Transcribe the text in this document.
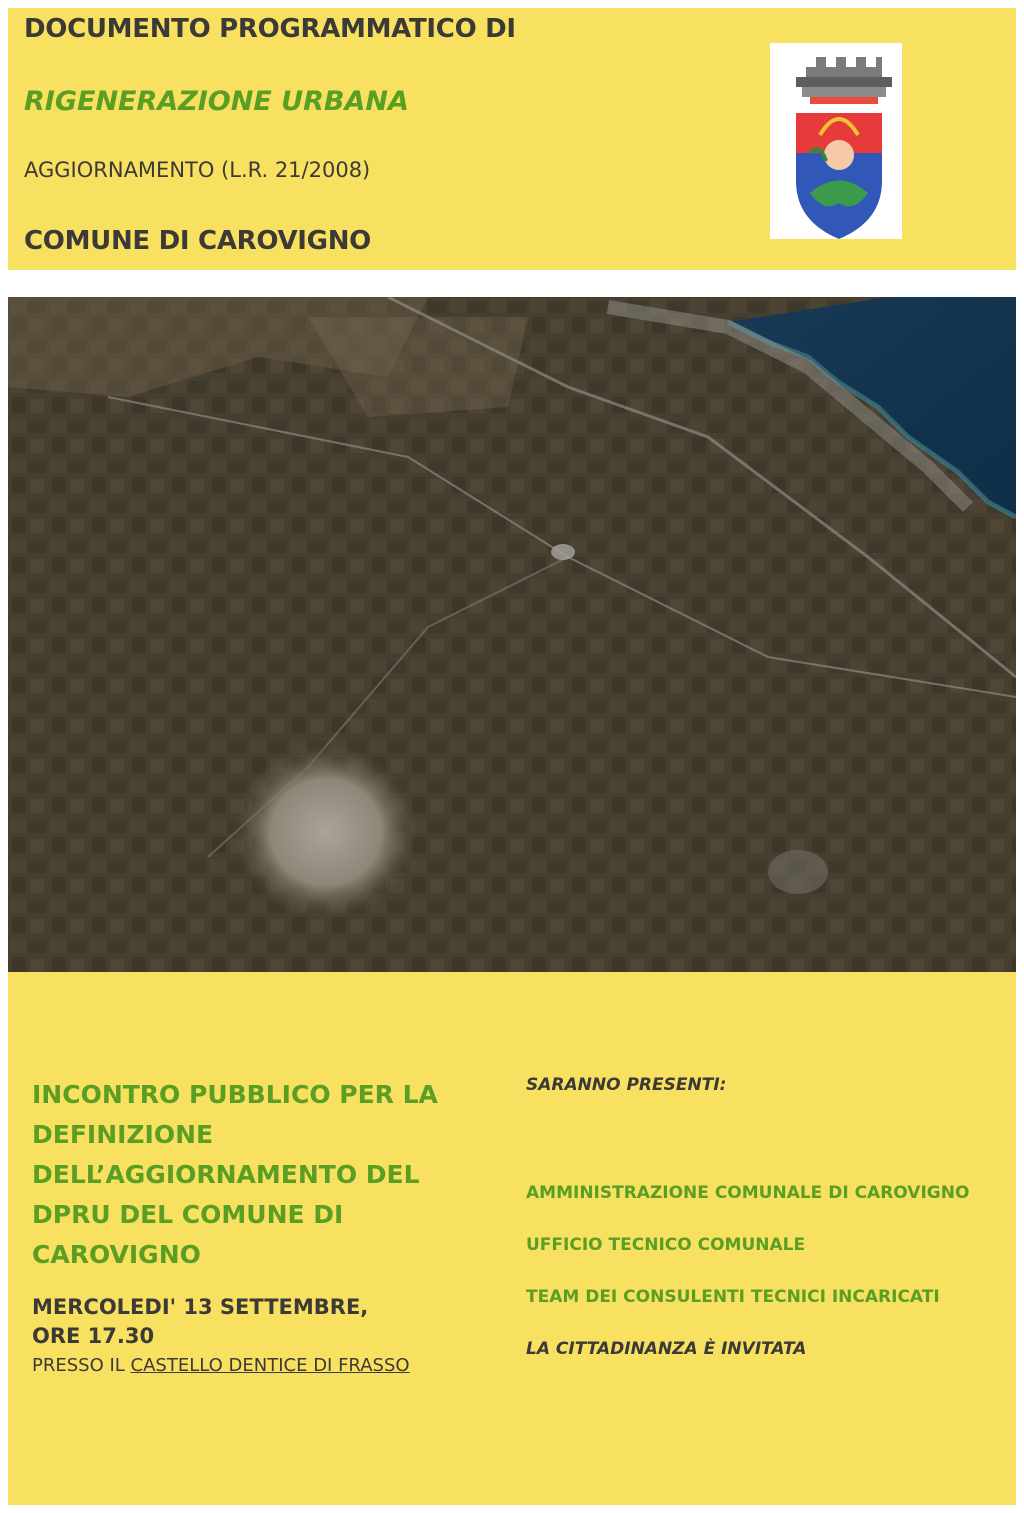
DOCUMENTO PROGRAMMATICO DI

RIGENERAZIONE URBANA

AGGIORNAMENTO (L.R. 21/2008)

COMUNE DI CAROVIGNO

INCONTRO PUBBLICO PER LA DEFINIZIONE DELL’AGGIORNAMENTO DEL DPRU DEL COMUNE DI CAROVIGNO

MERCOLEDI' 13 SETTEMBRE,
ORE 17.30

PRESSO IL CASTELLO DENTICE DI FRASSO

SARANNO PRESENTI:

AMMINISTRAZIONE COMUNALE DI CAROVIGNO

UFFICIO TECNICO COMUNALE

TEAM DEI CONSULENTI TECNICI INCARICATI

LA CITTADINANZA È INVITATA
